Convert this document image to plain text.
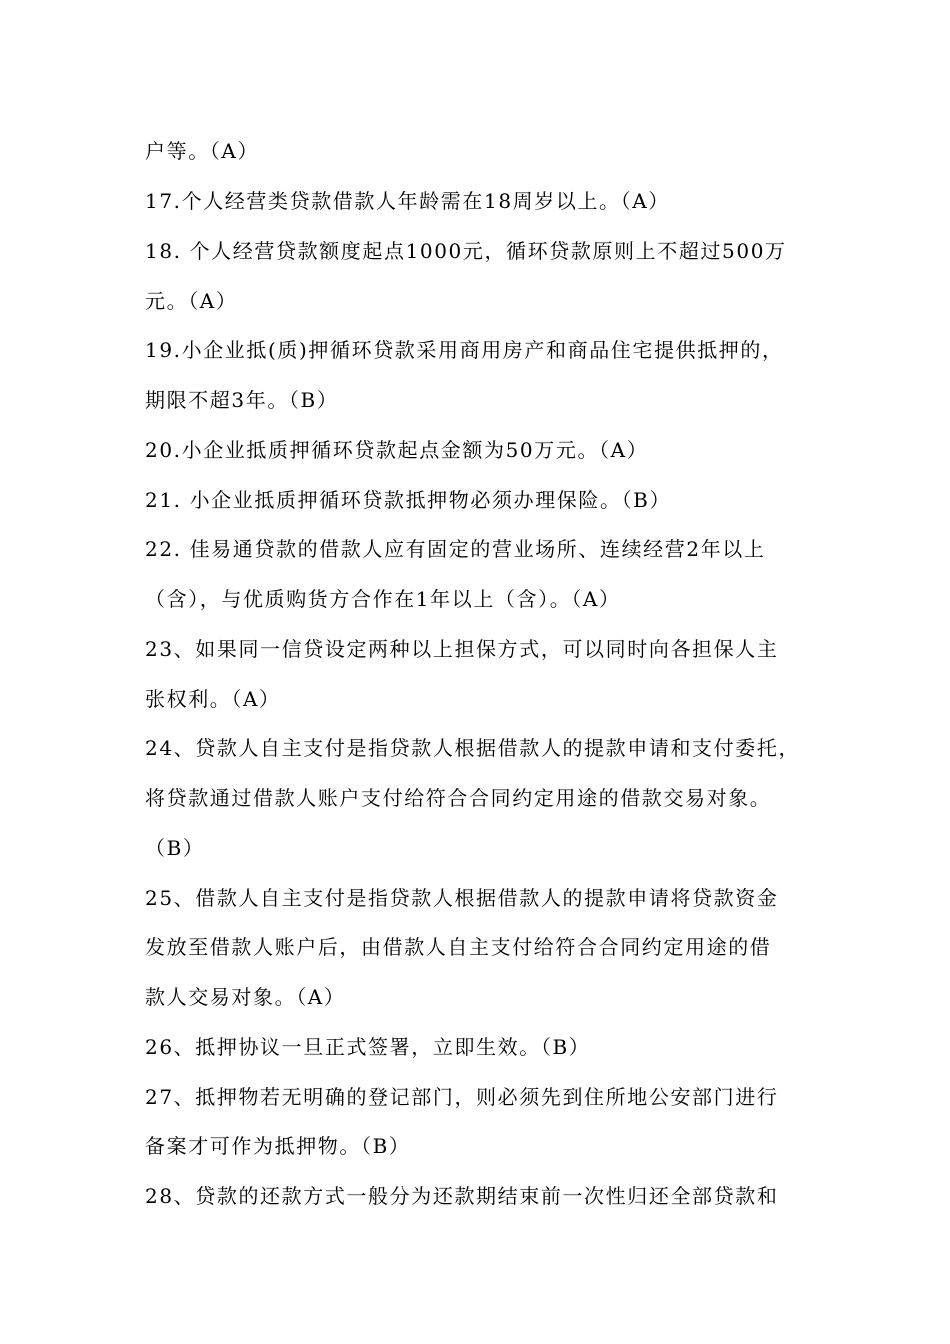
户等。（A）
17.个人经营类贷款借款人年龄需在18周岁以上。（A）
18. 个人经营贷款额度起点1000元，循环贷款原则上不超过500万
元。（A）
19.小企业抵(质)押循环贷款采用商用房产和商品住宅提供抵押的，
期限不超3年。（B）
20.小企业抵质押循环贷款起点金额为50万元。（A）
21. 小企业抵质押循环贷款抵押物必须办理保险。（B）
22. 佳易通贷款的借款人应有固定的营业场所、连续经营2年以上
（含），与优质购货方合作在1年以上（含）。（A）
23、如果同一信贷设定两种以上担保方式，可以同时向各担保人主
张权利。（A）
24、贷款人自主支付是指贷款人根据借款人的提款申请和支付委托，
将贷款通过借款人账户支付给符合合同约定用途的借款交易对象。
（B）
25、借款人自主支付是指贷款人根据借款人的提款申请将贷款资金
发放至借款人账户后，由借款人自主支付给符合合同约定用途的借
款人交易对象。（A）
26、抵押协议一旦正式签署，立即生效。（B）
27、抵押物若无明确的登记部门，则必须先到住所地公安部门进行
备案才可作为抵押物。（B）
28、贷款的还款方式一般分为还款期结束前一次性归还全部贷款和
